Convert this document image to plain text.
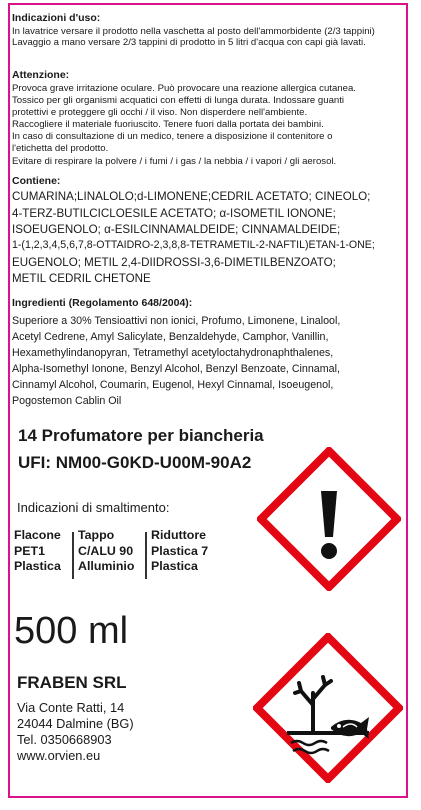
Indicazioni d'uso:
In lavatrice versare il prodotto nella vaschetta al posto dell'ammorbidente (2/3 tappini)
Lavaggio a mano versare 2/3 tappini di prodotto in 5 litri d'acqua con capi già lavati.
Attenzione:
Provoca grave irritazione oculare. Può provocare una reazione allergica cutanea.
Tossico per gli organismi acquatici con effetti di lunga durata. Indossare guanti
protettivi e proteggere gli occhi / il viso. Non disperdere nell'ambiente.
Raccogliere il materiale fuoriuscito. Tenere fuori dalla portata dei bambini.
In caso di consultazione di un medico, tenere a disposizione il contenitore o
l'etichetta del prodotto.
Evitare di respirare la polvere / i fumi / i gas / la nebbia / i vapori / gli aerosol.
Contiene:
CUMARINA;LINALOLO;d-LIMONENE;CEDRIL ACETATO; CINEOLO;
4-TERZ-BUTILCICLOESILE ACETATO; α-ISOMETIL IONONE;
ISOEUGENOLO; α-ESILCINNAMALDEIDE; CINNAMALDEIDE;
1-(1,2,3,4,5,6,7,8-OTTAIDRO-2,3,8,8-TETRAMETIL-2-NAFTIL)ETAN-1-ONE;
EUGENOLO; METIL 2,4-DIIDROSSI-3,6-DIMETILBENZOATO;
METIL CEDRIL CHETONE
Ingredienti (Regolamento 648/2004):
Superiore a 30% Tensioattivi non ionici, Profumo, Limonene, Linalool,
Acetyl Cedrene, Amyl Salicylate, Benzaldehyde, Camphor, Vanillin,
Hexamethylindanopyran, Tetramethyl acetyloctahydronaphthalenes,
Alpha-Isomethyl Ionone, Benzyl Alcohol, Benzyl Benzoate, Cinnamal,
Cinnamyl Alcohol, Coumarin, Eugenol, Hexyl Cinnamal, Isoeugenol,
Pogostemon Cablin Oil
14 Profumatore per biancheria
UFI: NM00-G0KD-U00M-90A2
Indicazioni di smaltimento:
Flacone
PET1
Plastica
Tappo
C/ALU 90
Alluminio
Riduttore
Plastica 7
Plastica
500 ml
FRABEN SRL
Via Conte Ratti, 14
24044 Dalmine (BG)
Tel. 0350668903
www.orvien.eu
